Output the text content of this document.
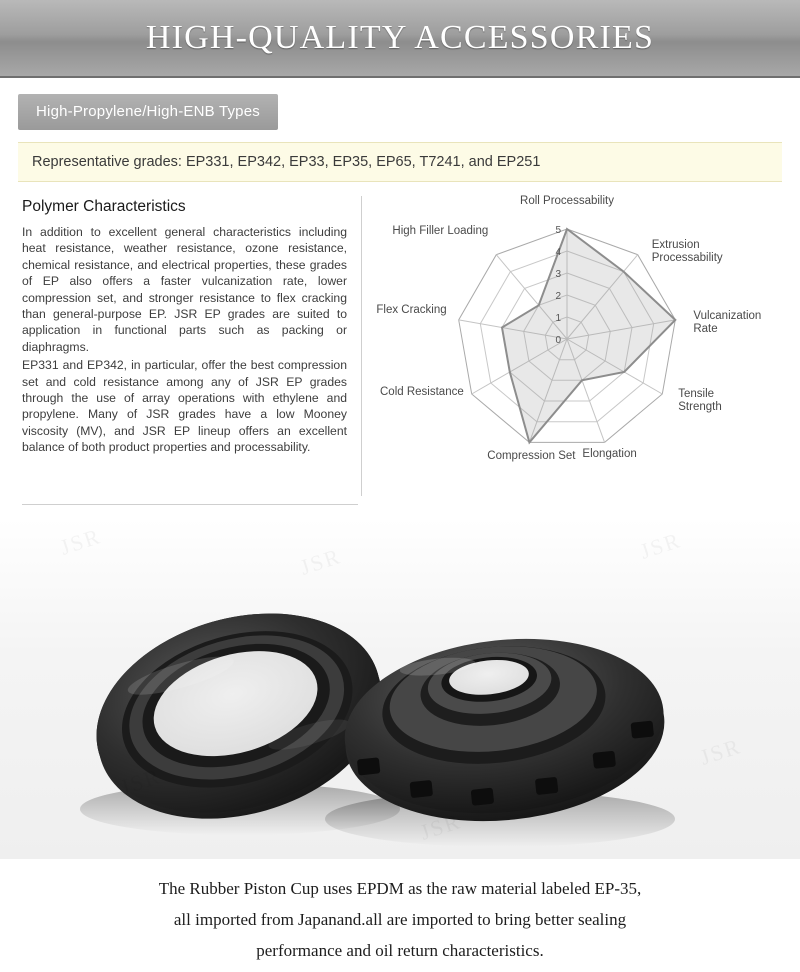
HIGH-QUALITY ACCESSORIES
High-Propylene/High-ENB Types
Representative grades: EP331, EP342, EP33, EP35, EP65, T7241, and EP251
Polymer Characteristics

In addition to excellent general characteristics including heat resistance, weather resistance, ozone resistance, chemical resistance, and electrical properties, these grades of EP also offers a faster vulcanization rate, lower compression set, and stronger resistance to flex cracking than general-purpose EP. JSR EP grades are suited to application in functional parts such as packing or diaphragms.

EP331 and EP342, in particular, offer the best compression set and cold resistance among any of JSR EP grades through the use of array operations with ethylene and propylene. Many of JSR grades have a low Mooney viscosity (MV), and JSR EP lineup offers an excellent balance of both product properties and processability.

0
1
2
3
4
5
Roll Processability
Extrusion Processability
Vulcanization Rate
Tensile Strength
Elongation
Compression Set
Cold Resistance
Flex Cracking
High Filler Loading
The Rubber Piston Cup uses EPDM as the raw material labeled EP-35,
all imported from Japanand.all are imported to bring better sealing
performance and oil return characteristics.
